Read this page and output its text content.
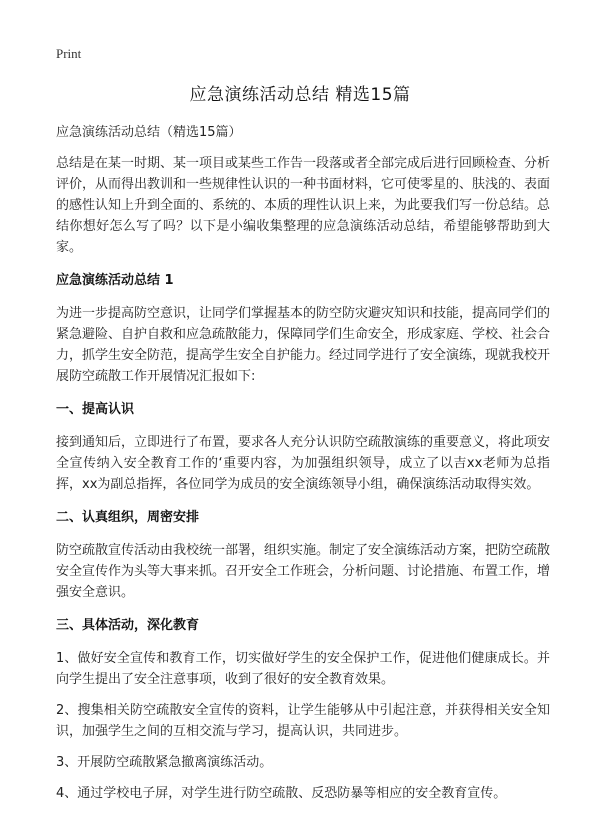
Print
应急演练活动总结 精选15篇

应急演练活动总结（精选15篇）

总结是在某一时期、某一项目或某些工作告一段落或者全部完成后进行回顾检查、分析评价，从而得出教训和一些规律性认识的一种书面材料，它可使零星的、肤浅的、表面的感性认知上升到全面的、系统的、本质的理性认识上来，为此要我们写一份总结。总结你想好怎么写了吗？以下是小编收集整理的应急演练活动总结，希望能够帮助到大家。

应急演练活动总结 1

为进一步提高防空意识，让同学们掌握基本的防空防灾避灾知识和技能，提高同学们的紧急避险、自护自救和应急疏散能力，保障同学们生命安全，形成家庭、学校、社会合力，抓学生安全防范，提高学生安全自护能力。经过同学进行了安全演练，现就我校开展防空疏散工作开展情况汇报如下:

一、提高认识

接到通知后，立即进行了布置，要求各人充分认识防空疏散演练的重要意义，将此项安全宣传纳入安全教育工作的‘重要内容，为加强组织领导，成立了以吉xx老师为总指挥，xx为副总指挥，各位同学为成员的安全演练领导小组，确保演练活动取得实效。

二、认真组织，周密安排

防空疏散宣传活动由我校统一部署，组织实施。制定了安全演练活动方案，把防空疏散安全宣传作为头等大事来抓。召开安全工作班会，分析问题、讨论措施、布置工作，增强安全意识。

三、具体活动，深化教育

1、做好安全宣传和教育工作，切实做好学生的安全保护工作，促进他们健康成长。并向学生提出了安全注意事项，收到了很好的安全教育效果。

2、搜集相关防空疏散安全宣传的资料，让学生能够从中引起注意，并获得相关安全知识，加强学生之间的互相交流与学习，提高认识，共同进步。

3、开展防空疏散紧急撤离演练活动。

4、通过学校电子屏，对学生进行防空疏散、反恐防暴等相应的安全教育宣传。
